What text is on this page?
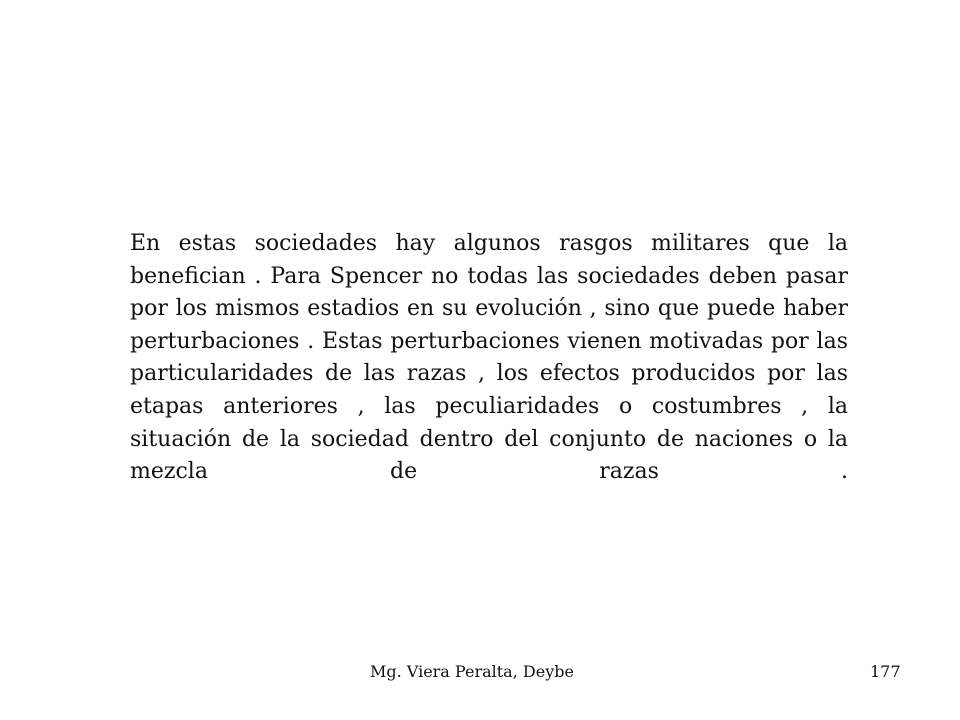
En estas sociedades hay algunos rasgos militares que la benefician . Para Spencer no todas las sociedades deben pasar por los mismos estadios en su evolución , sino que puede haber perturbaciones . Estas perturbaciones vienen motivadas por las particularidades de las razas , los efectos producidos por las etapas anteriores , las peculiaridades o costumbres , la situación de la sociedad dentro del conjunto de naciones o la mezcla de razas .

Mg. Viera Peralta, Deybe	177
